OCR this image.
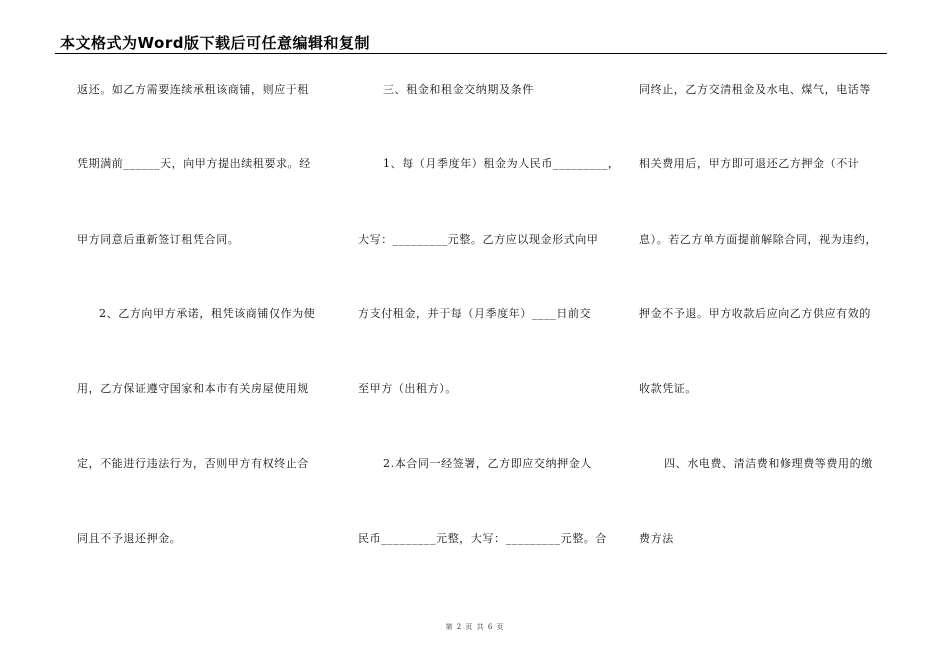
本文格式为Word版下载后可任意编辑和复制
返还。如乙方需要连续承租该商铺，则应于租
凭期满前______天，向甲方提出续租要求。经
甲方同意后重新签订租凭合同。
2、乙方向甲方承诺，租凭该商铺仅作为使
用，乙方保证遵守国家和本市有关房屋使用规
定，不能进行违法行为，否则甲方有权终止合
同且不予退还押金。
三、租金和租金交纳期及条件
1、每（月季度年）租金为人民币_________，
大写：_________元整。乙方应以现金形式向甲
方支付租金，并于每（月季度年）____日前交
至甲方（出租方）。
2.本合同一经签署，乙方即应交纳押金人
民币_________元整，大写：_________元整。合
同终止，乙方交清租金及水电、煤气，电话等
相关费用后，甲方即可退还乙方押金（不计
息）。若乙方单方面提前解除合同，视为违约，
押金不予退。甲方收款后应向乙方供应有效的
收款凭证。
四、水电费、清洁费和修理费等费用的缴
费方法
第 2 页 共 6 页
